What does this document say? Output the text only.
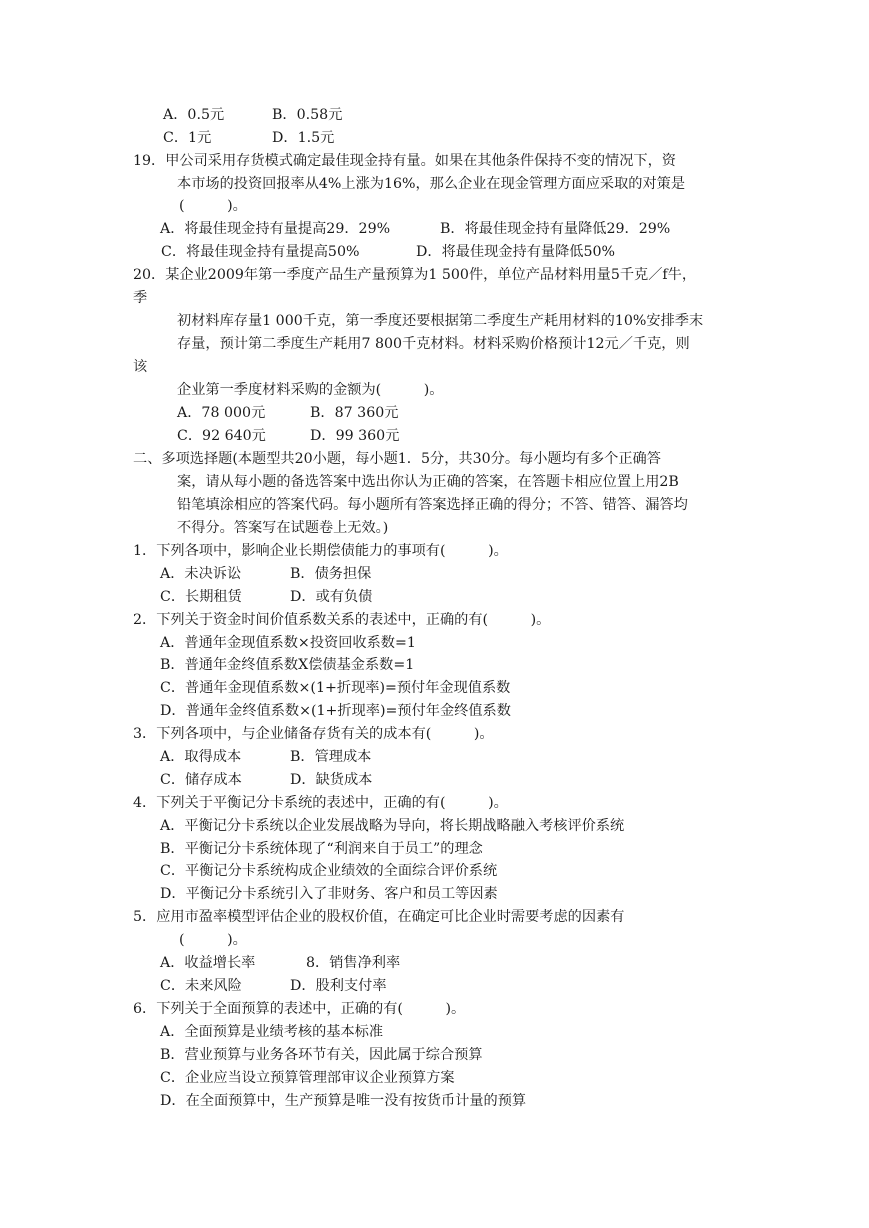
A．0.5元	B．0.58元
C．1元	D．1.5元
19．甲公司采用存货模式确定最佳现金持有量。如果在其他条件保持不变的情况下，资
本市场的投资回报率从4%上涨为16%，那么企业在现金管理方面应采取的对策是
(　　　)。
A．将最佳现金持有量提高29．29%	B．将最佳现金持有量降低29．29%
C．将最佳现金持有量提高50%	D．将最佳现金持有量降低50%
20．某企业2009年第一季度产品生产量预算为1 500件，单位产品材料用量5千克／f牛，
季
初材料库存量1 000千克，第一季度还要根据第二季度生产耗用材料的10%安排季末
存量，预计第二季度生产耗用7 800千克材料。材料采购价格预计12元／千克，则
该
企业第一季度材料采购的金额为(　　　)。
A．78 000元	B．87 360元
C．92 640元	D．99 360元
二、多项选择题(本题型共20小题，每小题1．5分，共30分。每小题均有多个正确答
案，请从每小题的备选答案中选出你认为正确的答案，在答题卡相应位置上用2B
铅笔填涂相应的答案代码。每小题所有答案选择正确的得分；不答、错答、漏答均
不得分。答案写在试题卷上无效。)
1．下列各项中，影响企业长期偿债能力的事项有(　　　)。
A．未决诉讼	B．债务担保
C．长期租赁	D．或有负债
2．下列关于资金时间价值系数关系的表述中，正确的有(　　　)。
A．普通年金现值系数×投资回收系数=1
B．普通年金终值系数X偿债基金系数=1
C．普通年金现值系数×(1+折现率)=预付年金现值系数
D．普通年金终值系数×(1+折现率)=预付年金终值系数
3．下列各项中，与企业储备存货有关的成本有(　　　)。
A．取得成本	B．管理成本
C．储存成本	D．缺货成本
4．下列关于平衡记分卡系统的表述中，正确的有(　　　)。
A．平衡记分卡系统以企业发展战略为导向，将长期战略融入考核评价系统
B．平衡记分卡系统体现了“利润来自于员工”的理念
C．平衡记分卡系统构成企业绩效的全面综合评价系统
D．平衡记分卡系统引入了非财务、客户和员工等因素
5．应用市盈率模型评估企业的股权价值，在确定可比企业时需要考虑的因素有
(　　　)。
A．收益增长率	8．销售净利率
C．未来风险	D．股利支付率
6．下列关于全面预算的表述中，正确的有(　　　)。
A．全面预算是业绩考核的基本标准
B．营业预算与业务各环节有关，因此属于综合预算
C．企业应当设立预算管理部审议企业预算方案
D．在全面预算中，生产预算是唯一没有按货币计量的预算
